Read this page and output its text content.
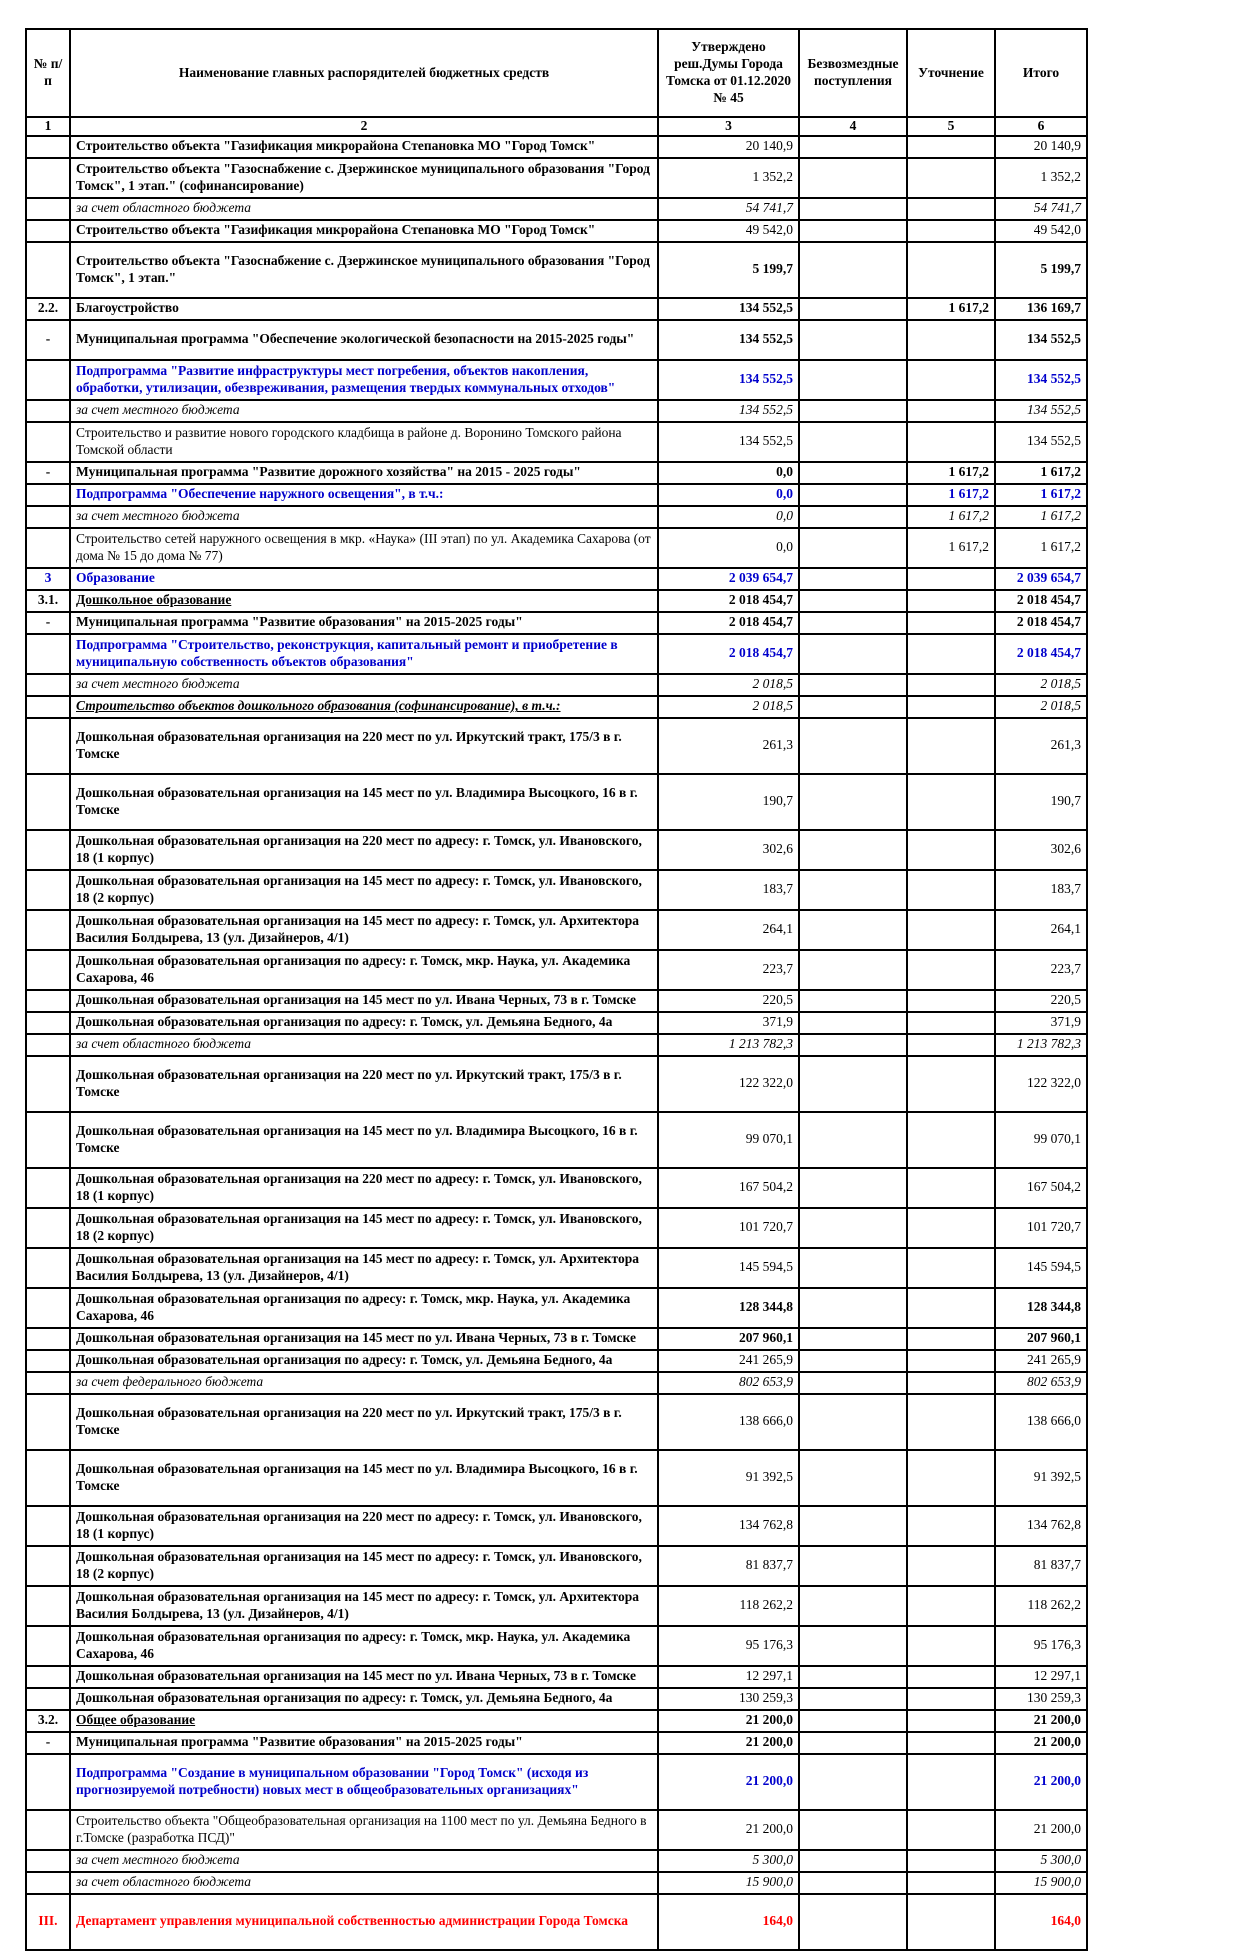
№ п/п	Наименование главных распорядителей бюджетных средств	Утверждено реш.Думы Города Томска от 01.12.2020 № 45	Безвозмездные поступления	Уточнение	Итого
1	2	3	4	5	6
	Строительство объекта "Газификация микрорайона Степановка МО "Город Томск"	20 140,9			20 140,9
	Строительство объекта "Газоснабжение с. Дзержинское муниципального образования "Город Томск", 1 этап." (софинансирование)	1 352,2			1 352,2
	за счет областного бюджета	54 741,7			54 741,7
	Строительство объекта "Газификация микрорайона Степановка МО "Город Томск"	49 542,0			49 542,0
	Строительство объекта "Газоснабжение с. Дзержинское муниципального образования "Город Томск", 1 этап."	5 199,7			5 199,7
2.2.	Благоустройство	134 552,5		1 617,2	136 169,7
-	Муниципальная программа "Обеспечение экологической безопасности на 2015-2025 годы"	134 552,5			134 552,5
	Подпрограмма "Развитие инфраструктуры мест погребения, объектов накопления, обработки, утилизации, обезвреживания, размещения твердых коммунальных отходов"	134 552,5			134 552,5
	за счет местного бюджета	134 552,5			134 552,5
	Строительство и развитие нового городского кладбища в районе д. Воронино Томского района Томской области	134 552,5			134 552,5
-	Муниципальная программа "Развитие дорожного хозяйства" на 2015 - 2025 годы"	0,0		1 617,2	1 617,2
	Подпрограмма "Обеспечение наружного освещения", в т.ч.:	0,0		1 617,2	1 617,2
	за счет местного бюджета	0,0		1 617,2	1 617,2
	Строительство сетей наружного освещения в мкр. «Наука» (III этап) по ул. Академика Сахарова (от дома № 15 до дома № 77)	0,0		1 617,2	1 617,2
3	Образование	2 039 654,7			2 039 654,7
3.1.	Дошкольное образование	2 018 454,7			2 018 454,7
-	Муниципальная программа "Развитие образования" на 2015-2025 годы"	2 018 454,7			2 018 454,7
	Подпрограмма "Строительство, реконструкция, капитальный ремонт и приобретение в муниципальную собственность объектов образования"	2 018 454,7			2 018 454,7
	за счет местного бюджета	2 018,5			2 018,5
	Строительство объектов дошкольного образования (софинансирование), в т.ч.:	2 018,5			2 018,5
	Дошкольная образовательная организация на 220 мест по ул. Иркутский тракт, 175/3 в г. Томске	261,3			261,3
	Дошкольная образовательная организация на 145 мест по ул. Владимира Высоцкого, 16 в г. Томске	190,7			190,7
	Дошкольная образовательная организация на 220 мест по адресу: г. Томск, ул. Ивановского, 18 (1 корпус)	302,6			302,6
	Дошкольная образовательная организация на 145 мест по адресу: г. Томск, ул. Ивановского, 18 (2 корпус)	183,7			183,7
	Дошкольная образовательная организация на 145 мест по адресу: г. Томск, ул. Архитектора Василия Болдырева, 13 (ул. Дизайнеров, 4/1)	264,1			264,1
	Дошкольная образовательная организация по адресу: г. Томск, мкр. Наука, ул. Академика Сахарова, 46	223,7			223,7
	Дошкольная образовательная организация на 145 мест по ул. Ивана Черных, 73 в г. Томске	220,5			220,5
	Дошкольная образовательная организация по адресу: г. Томск, ул. Демьяна Бедного, 4а	371,9			371,9
	за счет областного бюджета	1 213 782,3			1 213 782,3
	Дошкольная образовательная организация на 220 мест по ул. Иркутский тракт, 175/3 в г. Томске	122 322,0			122 322,0
	Дошкольная образовательная организация на 145 мест по ул. Владимира Высоцкого, 16 в г. Томске	99 070,1			99 070,1
	Дошкольная образовательная организация на 220 мест по адресу: г. Томск, ул. Ивановского, 18 (1 корпус)	167 504,2			167 504,2
	Дошкольная образовательная организация на 145 мест по адресу: г. Томск, ул. Ивановского, 18 (2 корпус)	101 720,7			101 720,7
	Дошкольная образовательная организация на 145 мест по адресу: г. Томск, ул. Архитектора Василия Болдырева, 13 (ул. Дизайнеров, 4/1)	145 594,5			145 594,5
	Дошкольная образовательная организация по адресу: г. Томск, мкр. Наука, ул. Академика Сахарова, 46	128 344,8			128 344,8
	Дошкольная образовательная организация на 145 мест по ул. Ивана Черных, 73 в г. Томске	207 960,1			207 960,1
	Дошкольная образовательная организация по адресу: г. Томск, ул. Демьяна Бедного, 4а	241 265,9			241 265,9
	за счет федерального бюджета	802 653,9			802 653,9
	Дошкольная образовательная организация на 220 мест по ул. Иркутский тракт, 175/3 в г. Томске	138 666,0			138 666,0
	Дошкольная образовательная организация на 145 мест по ул. Владимира Высоцкого, 16 в г. Томске	91 392,5			91 392,5
	Дошкольная образовательная организация на 220 мест по адресу: г. Томск, ул. Ивановского, 18 (1 корпус)	134 762,8			134 762,8
	Дошкольная образовательная организация на 145 мест по адресу: г. Томск, ул. Ивановского, 18 (2 корпус)	81 837,7			81 837,7
	Дошкольная образовательная организация на 145 мест по адресу: г. Томск, ул. Архитектора Василия Болдырева, 13 (ул. Дизайнеров, 4/1)	118 262,2			118 262,2
	Дошкольная образовательная организация по адресу: г. Томск, мкр. Наука, ул. Академика Сахарова, 46	95 176,3			95 176,3
	Дошкольная образовательная организация на 145 мест по ул. Ивана Черных, 73 в г. Томске	12 297,1			12 297,1
	Дошкольная образовательная организация по адресу: г. Томск, ул. Демьяна Бедного, 4а	130 259,3			130 259,3
3.2.	Общее образование	21 200,0			21 200,0
-	Муниципальная программа "Развитие образования" на 2015-2025 годы"	21 200,0			21 200,0
	Подпрограмма "Создание в муниципальном образовании "Город Томск" (исходя из прогнозируемой потребности) новых мест в общеобразовательных организациях"	21 200,0			21 200,0
	Строительство объекта "Общеобразовательная организация на 1100 мест по ул. Демьяна Бедного в г.Томске (разработка ПСД)"	21 200,0			21 200,0
	за счет местного бюджета	5 300,0			5 300,0
	за счет областного бюджета	15 900,0			15 900,0
III.	Департамент управления муниципальной собственностью администрации Города Томска	164,0			164,0
